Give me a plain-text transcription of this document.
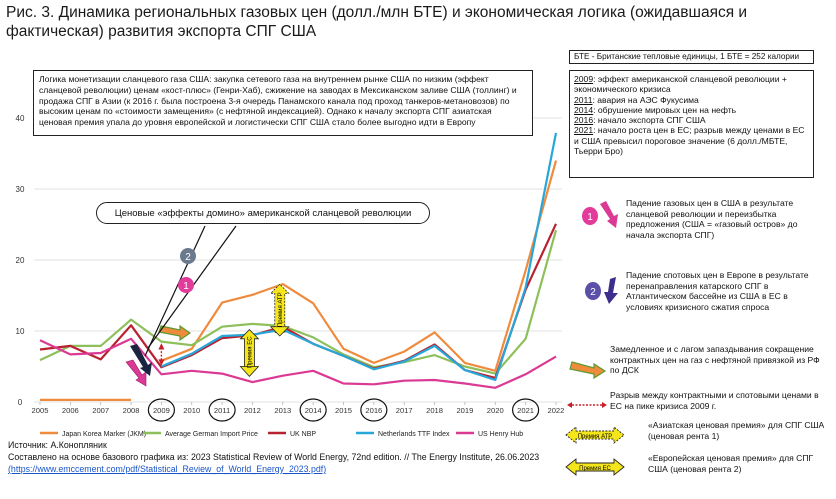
Рис. 3. Динамика региональных газовых цен (долл./млн БТЕ) и экономическая логика (ожидавшаяся и фактическая) развития экспорта СПГ США
0
10
20
30
40
2005 2006 2007 2008 2009 2010 2011 2012 2013 2014 2015 2016 2017 2018 2019 2020 2021 2022
Премия АТР
Премия ЕС
2
1
1
2
Премия АТР
Премия ЕС
Japan Korea Marker (JKM)	Average German Import Price	UK NBP	Netherlands TTF Index	US Henry Hub
Логика монетизации сланцевого газа США: закупка сетевого газа на внутреннем рынке США по низким (эффект сланцевой революции) ценам «кост-плюс» (Генри-Хаб), сжижение на заводах в Мексиканском заливе США (толлинг) и продажа СПГ в Азии (к 2016 г. была построена 3-я очередь Панамского канала под проход танкеров-метановозов) по высоким ценам по «стоимости замещения» (с нефтяной индексацией). Однако к началу экспорта СПГ азиатская ценовая премия упала до уровня европейской и логистически СПГ США стало более выгодно идти в Европу
Ценовые «эффекты домино» американской сланцевой революции
БТЕ - Британские тепловые единицы, 1 БТЕ = 252 калории
2009: эффект американской сланцевой революции + экономического кризиса
2011: авария на АЭС Фукусима
2014: обрушение мировых цен на нефть
2016: начало экспорта СПГ США
2021: начало роста цен в ЕС; разрыв между ценами в ЕС и США превысил пороговое значение (6 долл./МБТЕ, Тьерри Бро)
Падение газовых цен в США в результате сланцевой революции и переизбытка предложения (США = «газовый остров» до начала экспорта СПГ)
Падение спотовых цен в Европе в результате перенаправления катарского СПГ в Атлантическом бассейне из США в ЕС в условиях кризисного сжатия спроса
Замедленное и с лагом запаздывания сокращение контрактных цен на газ с нефтяной привязкой из РФ по ДСК
Разрыв между контрактными и спотовыми ценами в ЕС на пике кризиса 2009 г.
«Азиатская ценовая премия» для СПГ США (ценовая рента 1)
«Европейская ценовая премия» для СПГ США (ценовая рента 2)
Источник: А.Конопляник
Составлено на основе базового графика из: 2023 Statistical Review of World Energy, 72nd edition. // The Energy Institute, 26.06.2023
(https://www.emccement.com/pdf/Statistical_Review_of_World_Energy_2023.pdf)
